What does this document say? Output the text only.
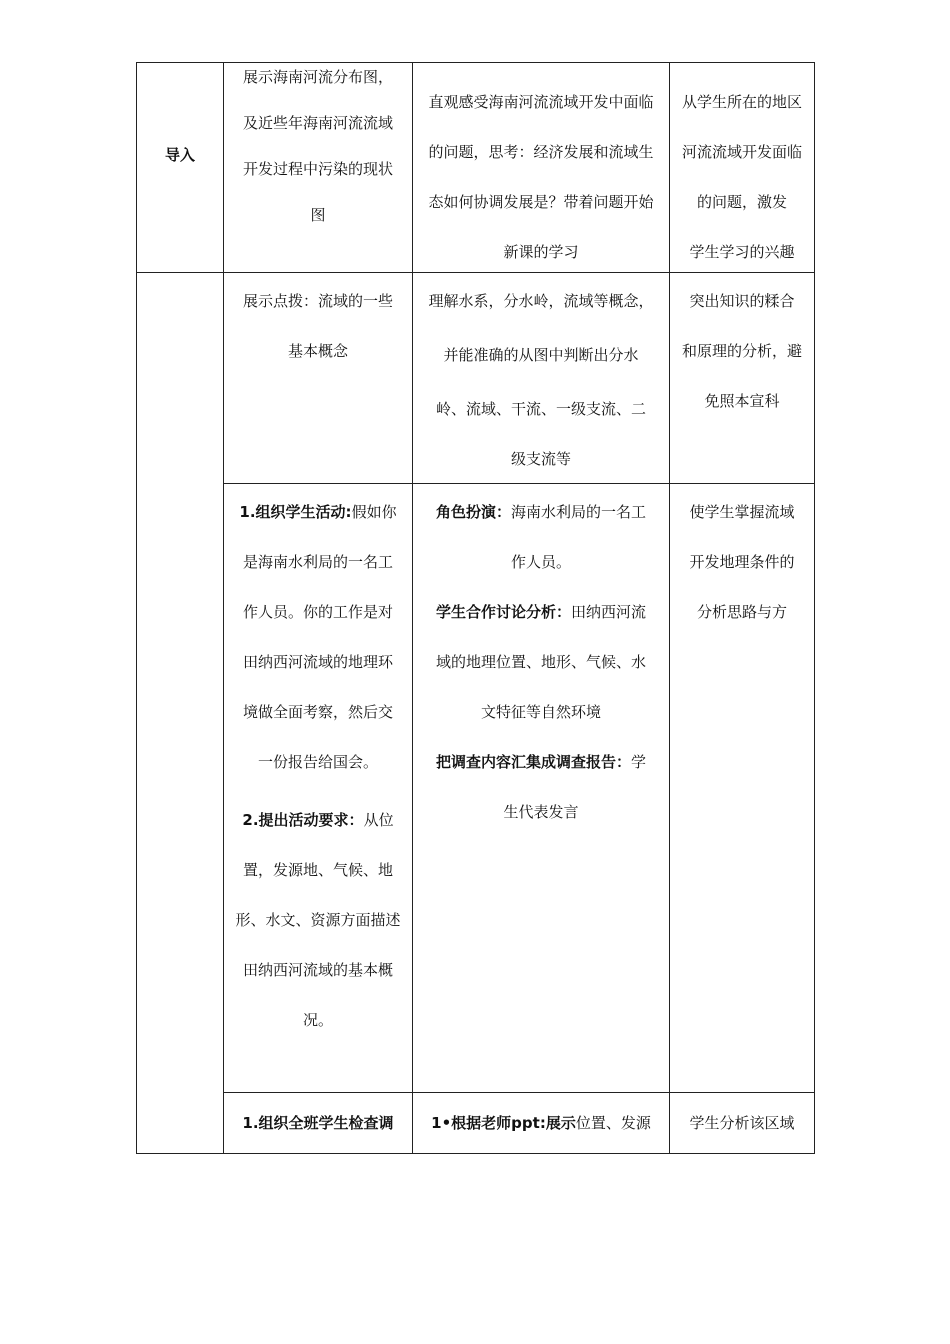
导入

展示海南河流分布图，

及近些年海南河流流域

开发过程中污染的现状

图

直观感受海南河流流域开发中面临

的问题，思考：经济发展和流域生

态如何协调发展是？带着问题开始

新课的学习

从学生所在的地区

河流流域开发面临

的问题，激发

学生学习的兴趣

展示点拨：流域的一些

基本概念

理解水系，分水岭，流域等概念，

并能准确的从图中判断出分水

岭、流域、干流、一级支流、二

级支流等

突出知识的糅合

和原理的分析，避

免照本宣科

1.组织学生活动:假如你

是海南水利局的一名工

作人员。你的工作是对

田纳西河流域的地理环

境做全面考察，然后交

一份报告给国会。

2.提出活动要求：从位

置，发源地、气候、地

形、水文、资源方面描述

田纳西河流域的基本概

况。

角色扮演：海南水利局的一名工

作人员。

学生合作讨论分析：田纳西河流

域的地理位置、地形、气候、水

文特征等自然环境

把调查内容汇集成调查报告：学

生代表发言

使学生掌握流域

开发地理条件的

分析思路与方

1.组织全班学生检查调	1•根据老师ppt:展示位置、发源	学生分析该区域
